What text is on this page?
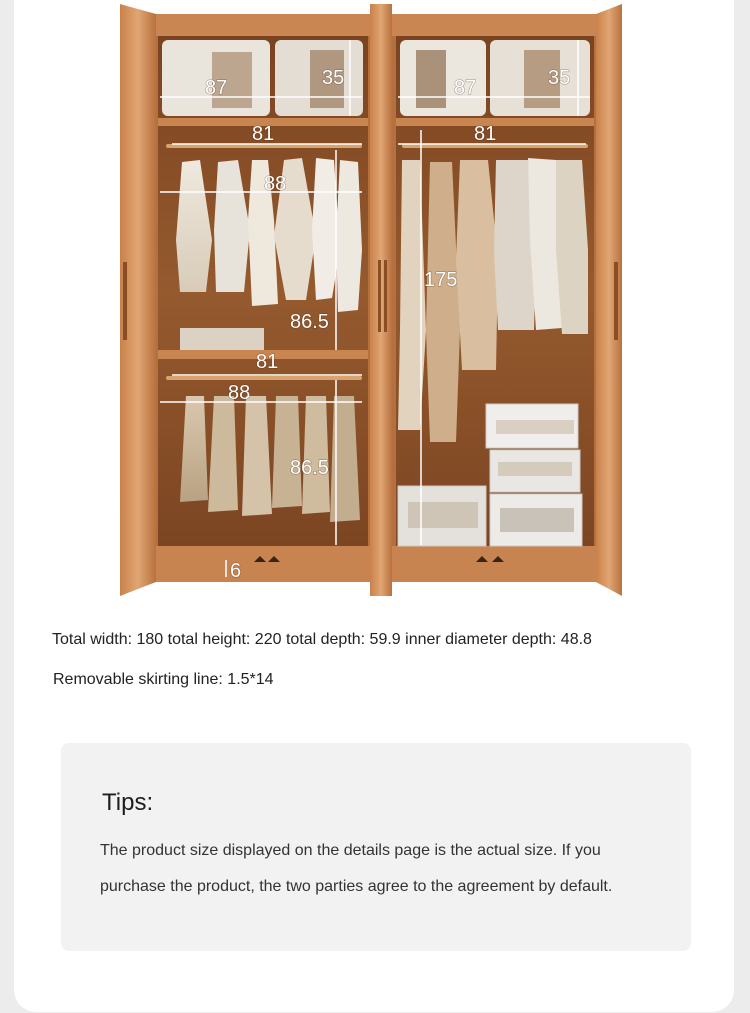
87	35	87	35
81
88
86.5
81
88
86.5
81
175
6
Total width: 180 total height: 220 total depth: 59.9 inner diameter depth: 48.8
Removable skirting line: 1.5*14
Tips:
The product size displayed on the details page is the actual size. If you purchase the product, the two parties agree to the agreement by default.
